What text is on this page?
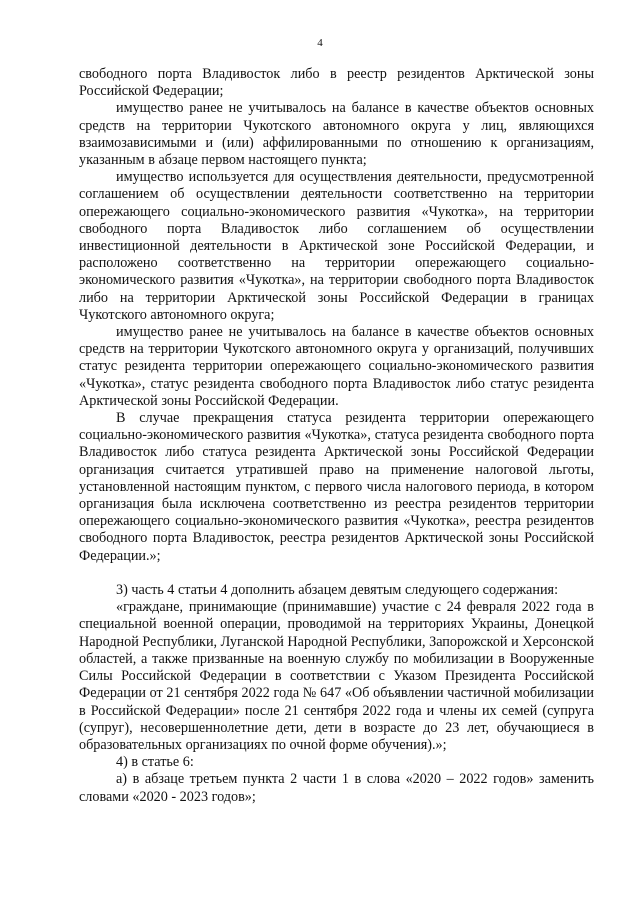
4

свободного порта Владивосток либо в реестр резидентов Арктической зоны Российской Федерации;

имущество ранее не учитывалось на балансе в качестве объектов основных средств на территории Чукотского автономного округа у лиц, являющихся взаимозависимыми и (или) аффилированными по отношению к организациям, указанным в абзаце первом настоящего пункта;

имущество используется для осуществления деятельности, предусмотренной соглашением об осуществлении деятельности соответственно на территории опережающего социально-экономического развития «Чукотка», на территории свободного порта Владивосток либо соглашением об осуществлении инвестиционной деятельности в Арктической зоне Российской Федерации, и расположено соответственно на территории опережающего социально-экономического развития «Чукотка», на территории свободного порта Владивосток либо на территории Арктической зоны Российской Федерации в границах Чукотского автономного округа;

имущество ранее не учитывалось на балансе в качестве объектов основных средств на территории Чукотского автономного округа у организаций, получивших статус резидента территории опережающего социально-экономического развития «Чукотка», статус резидента свободного порта Владивосток либо статус резидента Арктической зоны Российской Федерации.

В случае прекращения статуса резидента территории опережающего социально-экономического развития «Чукотка», статуса резидента свободного порта Владивосток либо статуса резидента Арктической зоны Российской Федерации организация считается утратившей право на применение налоговой льготы, установленной настоящим пунктом, с первого числа налогового периода, в котором организация была исключена соответственно из реестра резидентов территории опережающего социально-экономического развития «Чукотка», реестра резидентов свободного порта Владивосток, реестра резидентов Арктической зоны Российской Федерации.»;

3) часть 4 статьи 4 дополнить абзацем девятым следующего содержания:

«граждане, принимающие (принимавшие) участие с 24 февраля 2022 года в специальной военной операции, проводимой на территориях Украины, Донецкой Народной Республики, Луганской Народной Республики, Запорожской и Херсонской областей, а также призванные на военную службу по мобилизации в Вооруженные Силы Российской Федерации в соответствии с Указом Президента Российской Федерации от 21 сентября 2022 года № 647 «Об объявлении частичной мобилизации в Российской Федерации» после 21 сентября 2022 года и члены их семей (супруга (супруг), несовершеннолетние дети, дети в возрасте до 23 лет, обучающиеся в образовательных организациях по очной форме обучения).»;

4) в статье 6:

а) в абзаце третьем пункта 2 части 1 в слова «2020 – 2022 годов» заменить словами «2020 - 2023 годов»;
